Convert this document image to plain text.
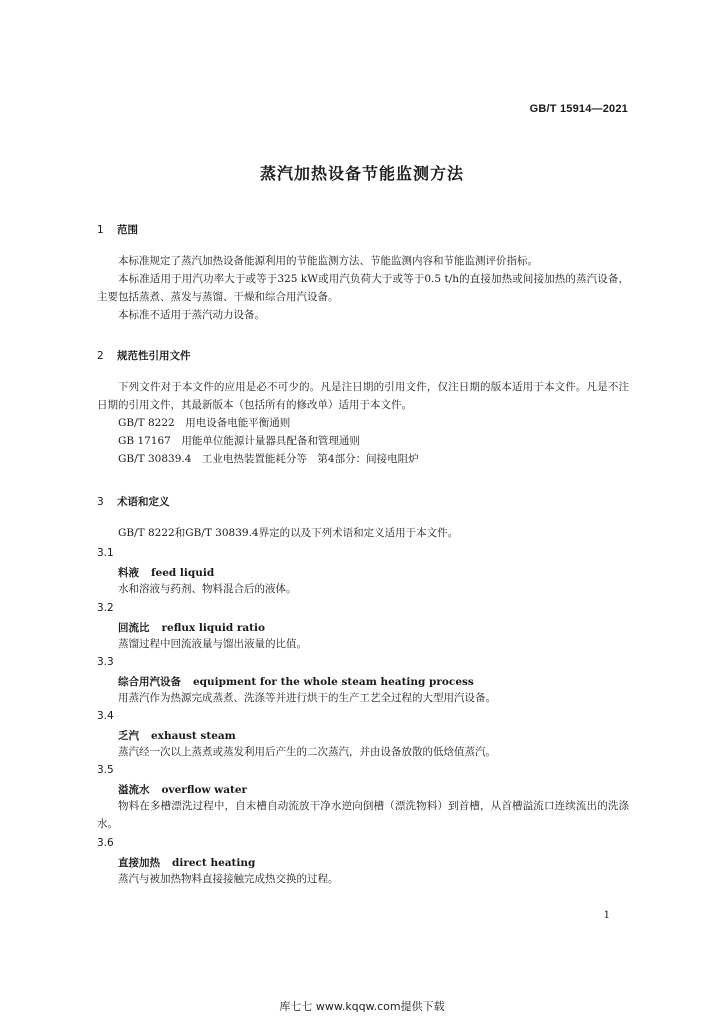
GB/T 15914—2021
蒸汽加热设备节能监测方法
1 范围
本标准规定了蒸汽加热设备能源利用的节能监测方法、节能监测内容和节能监测评价指标。
本标准适用于用汽功率大于或等于325 kW或用汽负荷大于或等于0.5 t/h的直接加热或间接加热的蒸汽设备，主要包括蒸煮、蒸发与蒸馏、干燥和综合用汽设备。
本标准不适用于蒸汽动力设备。
2 规范性引用文件
下列文件对于本文件的应用是必不可少的。凡是注日期的引用文件，仅注日期的版本适用于本文件。凡是不注日期的引用文件，其最新版本（包括所有的修改单）适用于本文件。
GB/T 8222　用电设备电能平衡通则
GB 17167　用能单位能源计量器具配备和管理通则
GB/T 30839.4　工业电热装置能耗分等　第4部分：间接电阻炉
3 术语和定义
GB/T 8222和GB/T 30839.4界定的以及下列术语和定义适用于本文件。
3.1
料液 feed liquid
水和溶液与药剂、物料混合后的液体。
3.2
回流比 reflux liquid ratio
蒸馏过程中回流液量与馏出液量的比值。
3.3
综合用汽设备 equipment for the whole steam heating process
用蒸汽作为热源完成蒸煮、洗涤等并进行烘干的生产工艺全过程的大型用汽设备。
3.4
乏汽 exhaust steam
蒸汽经一次以上蒸煮或蒸发利用后产生的二次蒸汽，并由设备放散的低焓值蒸汽。
3.5
溢流水 overflow water
物料在多槽漂洗过程中，自末槽自动流放干净水逆向倒槽（漂洗物料）到首槽，从首槽溢流口连续流出的洗涤水。
3.6
直接加热 direct heating
蒸汽与被加热物料直接接触完成热交换的过程。
1
库七七 www.kqqw.com提供下载
